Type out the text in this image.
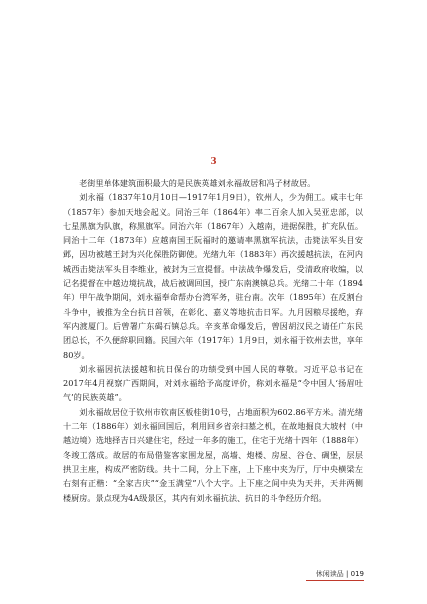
3

老街里单体建筑面积最大的是民族英雄刘永福故居和冯子材故居。

刘永福（1837年10月10日—1917年1月9日），钦州人，少为佣工。咸丰七年（1857年）参加天地会起义。同治三年（1864年）率二百余人加入吴亚忠部，以七星黑旗为队旗，称黑旗军。同治六年（1867年）入越南，进据保胜，扩充队伍。同治十二年（1873年）应越南国王阮福时的邀请率黑旗军抗法，击毙法军头目安邺，因功被越王封为兴化保胜防御使。光绪九年（1883年）再次援越抗法，在河内城西击毙法军头目李维业，被封为三宣提督。中法战争爆发后，受清政府收编，以记名提督在中越边境抗战，战后被调回国，授广东南澳镇总兵。光绪二十年（1894年）甲午战争期间，刘永福奉命帮办台湾军务，驻台南。次年（1895年）在反割台斗争中，被推为全台抗日首领，在彰化、嘉义等地抗击日军。九月因粮尽援绝，弃军内渡厦门。后曾署广东碣石镇总兵。辛亥革命爆发后，曾因胡汉民之请任广东民团总长，不久便辞职回籍。民国六年（1917年）1月9日，刘永福于钦州去世，享年80岁。

刘永福因抗法援越和抗日保台的功绩受到中国人民的尊敬。习近平总书记在2017年4月视察广西期间，对刘永福给予高度评价，称刘永福是“令中国人‘扬眉吐气’的民族英雄”。

刘永福故居位于钦州市钦南区板桂街10号，占地面积为602.86平方米。清光绪十二年（1886年）刘永福回国后，利用回乡省亲扫墓之机，在故地掘良大坡村（中越边境）选地择吉日兴建住宅，经过一年多的施工，住宅于光绪十四年（1888年）冬竣工落成。故居的布局借鉴客家围龙屋，高墙、炮楼、房屋、谷仓、碉堡，层层拱卫主座，构成严密防线。共十二间，分上下座，上下座中夹为厅，厅中央横梁左右刻有正楷：“全家吉庆”“金玉满堂”八个大字。上下座之间中央为天井，天井两侧楼厨房。景点现为4A级景区，其内有刘永福抗法、抗日的斗争经历介绍。

休闲读品 | 019
